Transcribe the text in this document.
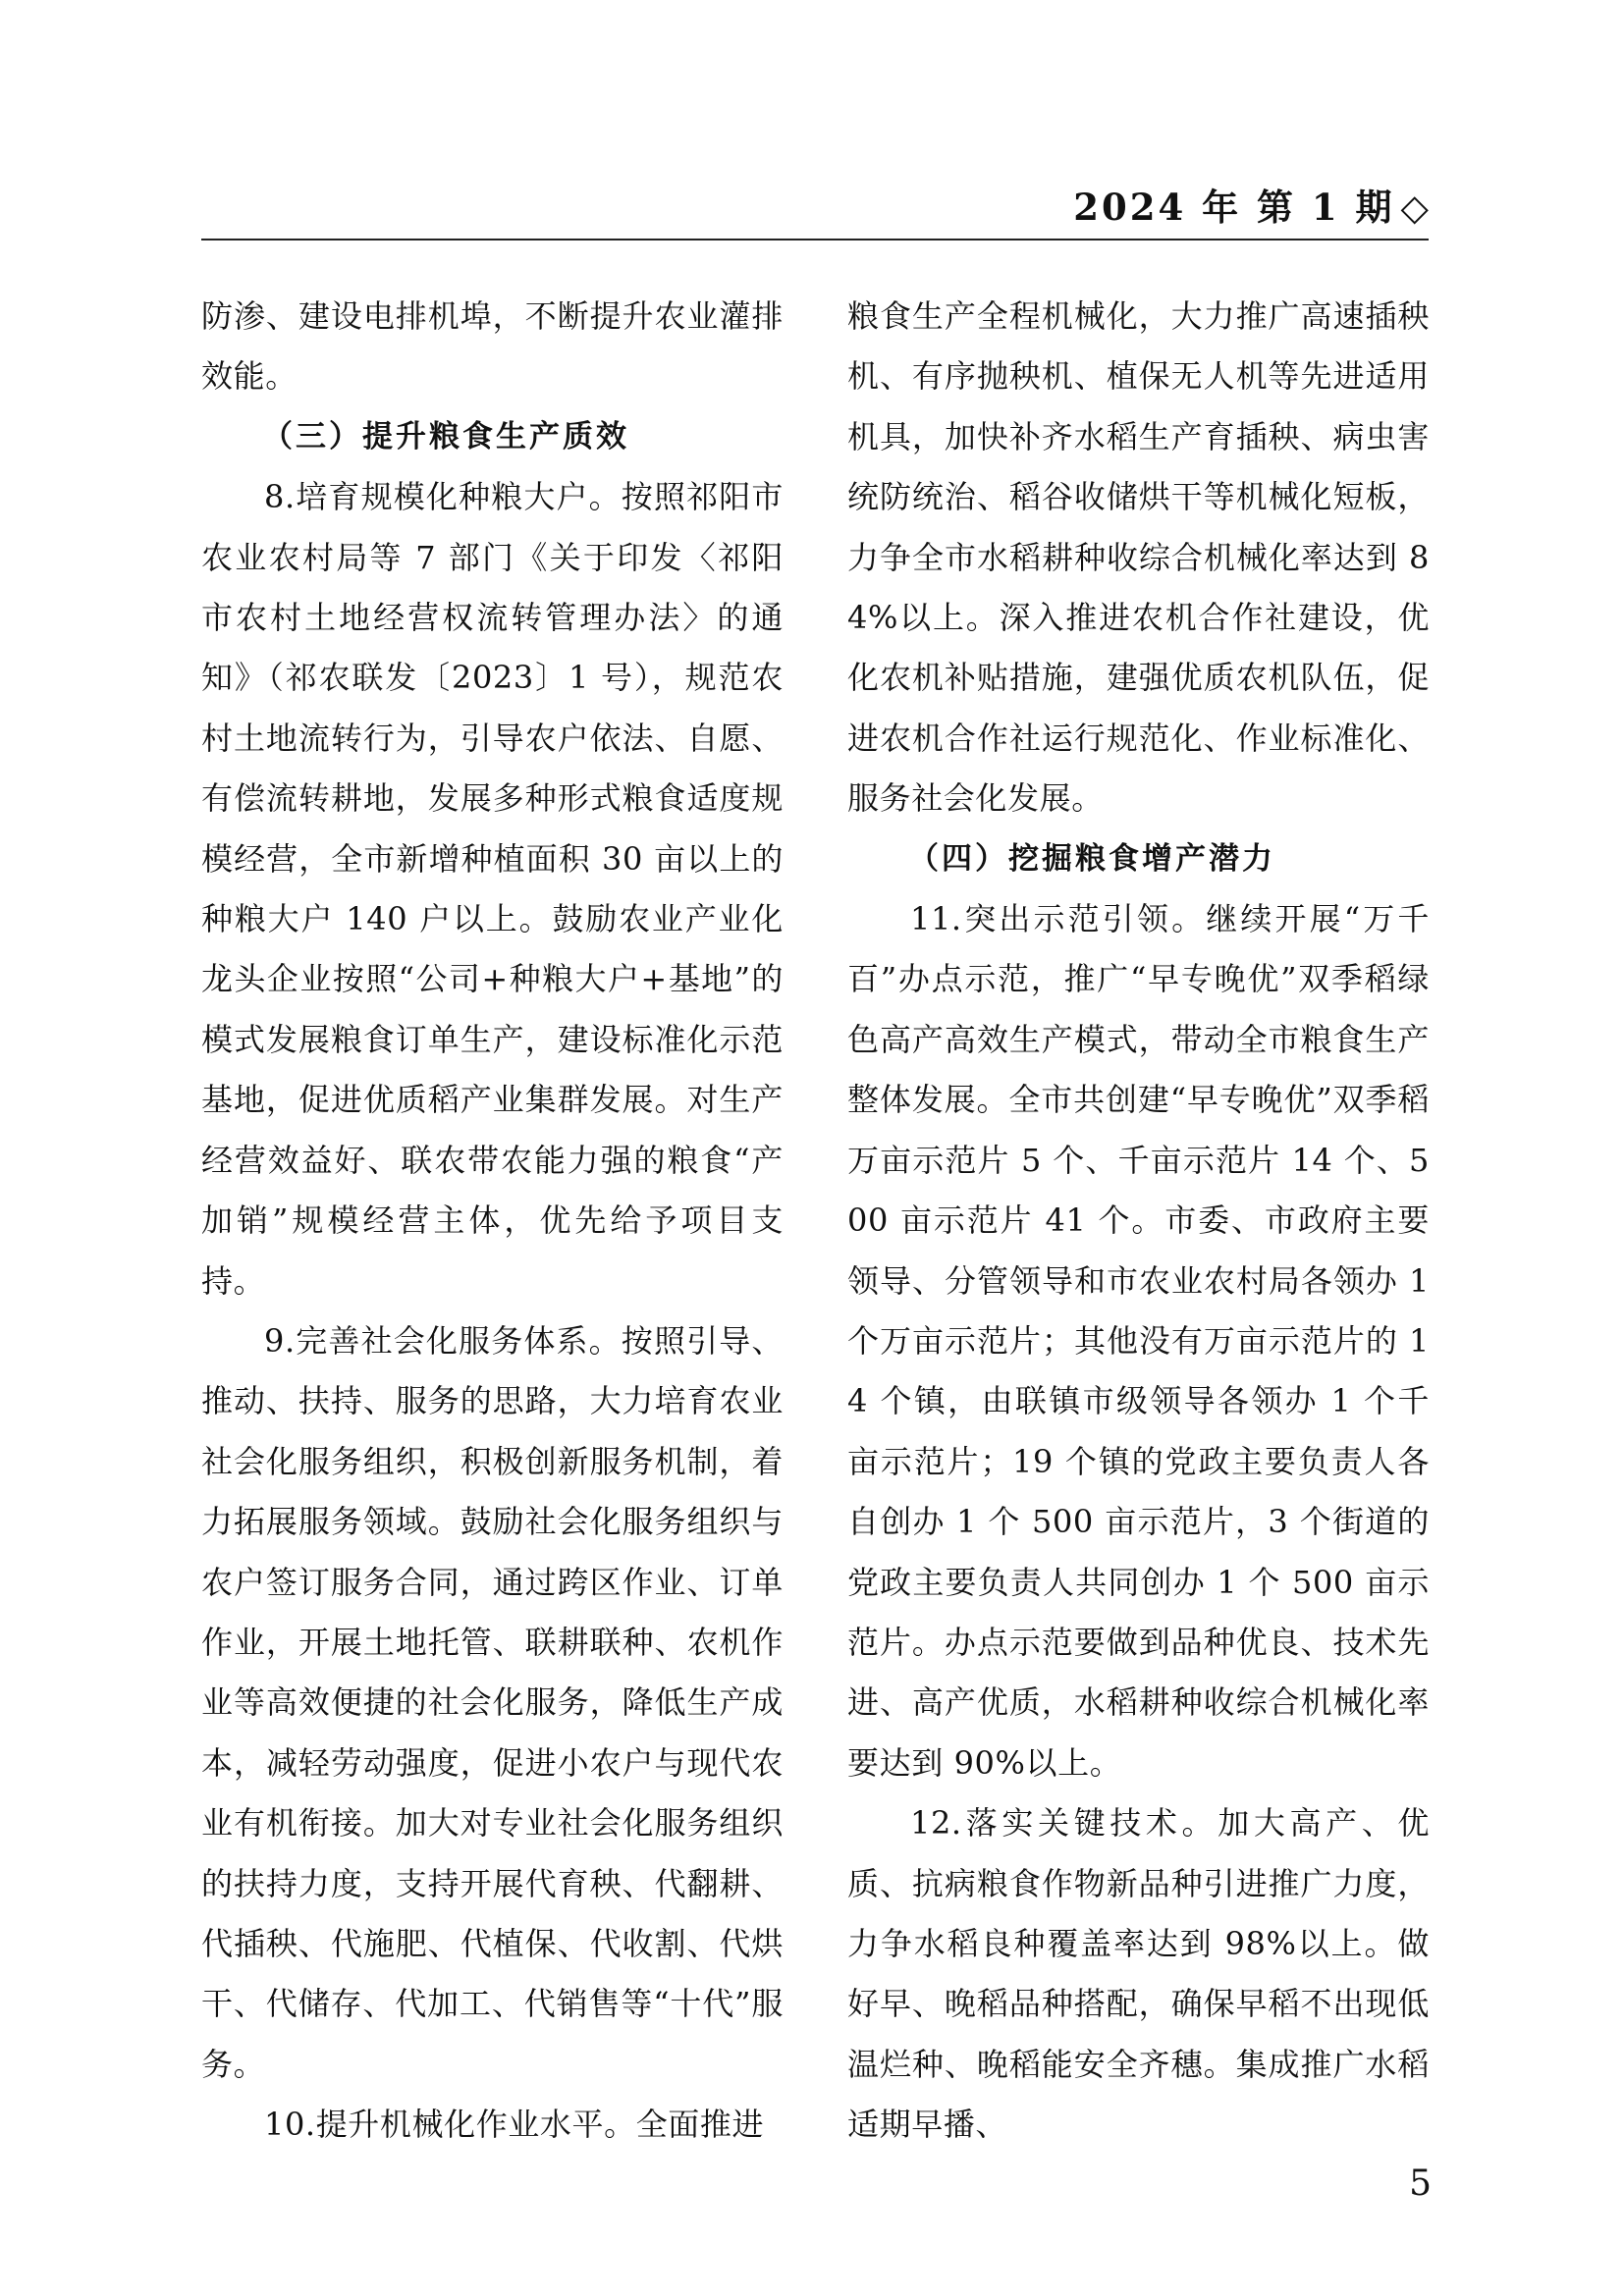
2024 年 第 1 期 ◇

防渗、建设电排机埠，不断提升农业灌排效能。

（三）提升粮食生产质效

8.培育规模化种粮大户。按照祁阳市农业农村局等 7 部门《关于印发〈祁阳市农村土地经营权流转管理办法〉的通知》（祁农联发〔2023〕1 号），规范农村土地流转行为，引导农户依法、自愿、有偿流转耕地，发展多种形式粮食适度规模经营，全市新增种植面积 30 亩以上的种粮大户 140 户以上。鼓励农业产业化龙头企业按照“公司+种粮大户+基地”的模式发展粮食订单生产，建设标准化示范基地，促进优质稻产业集群发展。对生产经营效益好、联农带农能力强的粮食“产加销”规模经营主体，优先给予项目支持。

9.完善社会化服务体系。按照引导、推动、扶持、服务的思路，大力培育农业社会化服务组织，积极创新服务机制，着力拓展服务领域。鼓励社会化服务组织与农户签订服务合同，通过跨区作业、订单作业，开展土地托管、联耕联种、农机作业等高效便捷的社会化服务，降低生产成本，减轻劳动强度，促进小农户与现代农业有机衔接。加大对专业社会化服务组织的扶持力度，支持开展代育秧、代翻耕、代插秧、代施肥、代植保、代收割、代烘干、代储存、代加工、代销售等“十代”服务。

10.提升机械化作业水平。全面推进

粮食生产全程机械化，大力推广高速插秧机、有序抛秧机、植保无人机等先进适用机具，加快补齐水稻生产育插秧、病虫害统防统治、稻谷收储烘干等机械化短板，力争全市水稻耕种收综合机械化率达到 84%以上。深入推进农机合作社建设，优化农机补贴措施，建强优质农机队伍，促进农机合作社运行规范化、作业标准化、服务社会化发展。

（四）挖掘粮食增产潜力

11.突出示范引领。继续开展“万千百”办点示范，推广“早专晚优”双季稻绿色高产高效生产模式，带动全市粮食生产整体发展。全市共创建“早专晚优”双季稻万亩示范片 5 个、千亩示范片 14 个、500 亩示范片 41 个。市委、市政府主要领导、分管领导和市农业农村局各领办 1 个万亩示范片；其他没有万亩示范片的 14 个镇，由联镇市级领导各领办 1 个千亩示范片；19 个镇的党政主要负责人各自创办 1 个 500 亩示范片，3 个街道的党政主要负责人共同创办 1 个 500 亩示范片。办点示范要做到品种优良、技术先进、高产优质，水稻耕种收综合机械化率要达到 90%以上。

12.落实关键技术。加大高产、优质、抗病粮食作物新品种引进推广力度，力争水稻良种覆盖率达到 98%以上。做好早、晚稻品种搭配，确保早稻不出现低温烂种、晚稻能安全齐穗。集成推广水稻适期早播、

5
